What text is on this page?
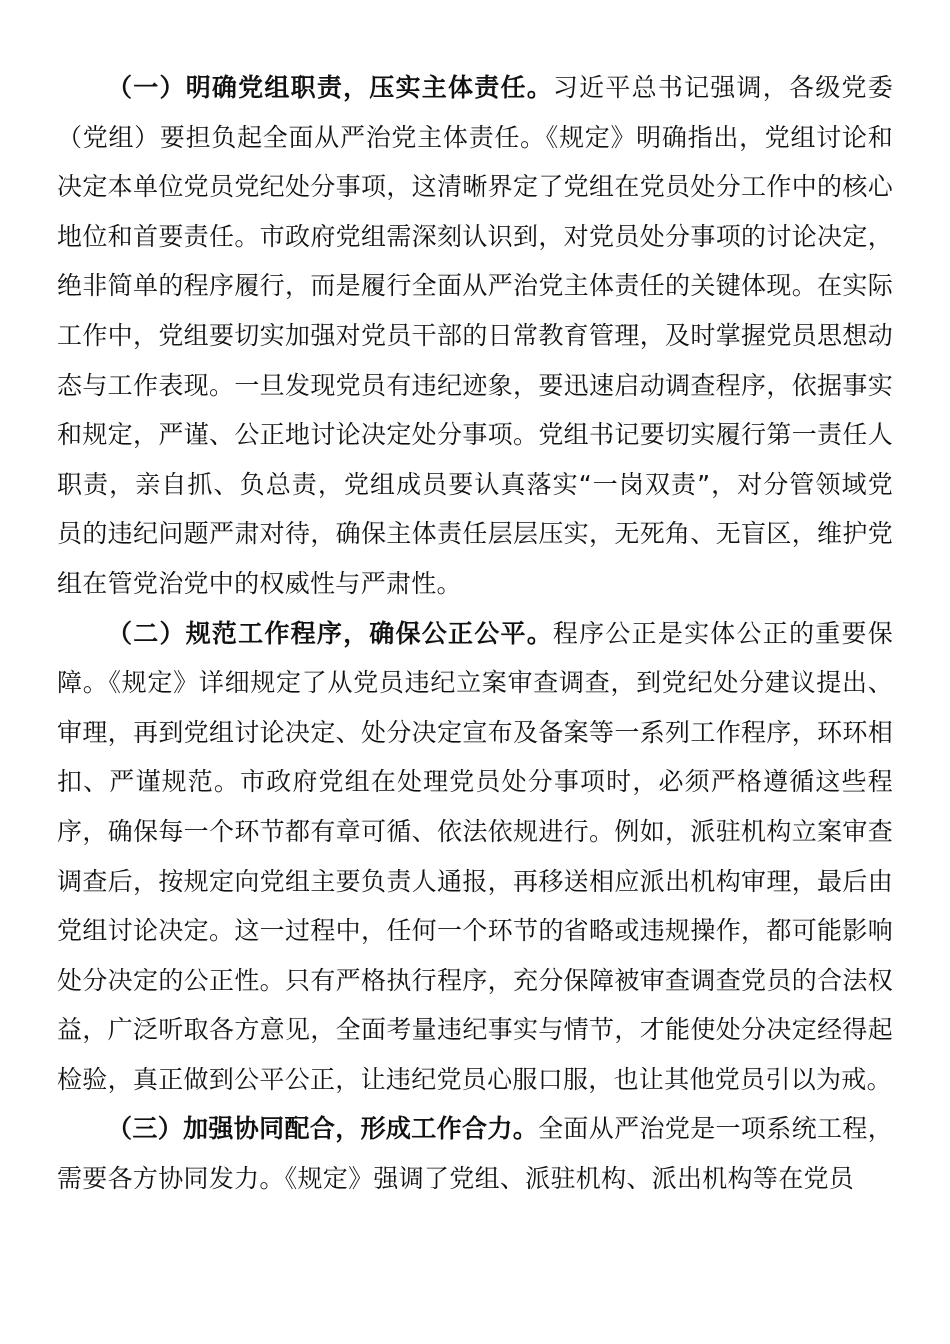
（一）明确党组职责，压实主体责任。习近平总书记强调，各级党委（党组）要担负起全面从严治党主体责任。《规定》明确指出，党组讨论和决定本单位党员党纪处分事项，这清晰界定了党组在党员处分工作中的核心地位和首要责任。市政府党组需深刻认识到，对党员处分事项的讨论决定，绝非简单的程序履行，而是履行全面从严治党主体责任的关键体现。在实际工作中，党组要切实加强对党员干部的日常教育管理，及时掌握党员思想动态与工作表现。一旦发现党员有违纪迹象，要迅速启动调查程序，依据事实和规定，严谨、公正地讨论决定处分事项。党组书记要切实履行第一责任人职责，亲自抓、负总责，党组成员要认真落实“一岗双责”，对分管领域党员的违纪问题严肃对待，确保主体责任层层压实，无死角、无盲区，维护党组在管党治党中的权威性与严肃性。

（二）规范工作程序，确保公正公平。程序公正是实体公正的重要保障。《规定》详细规定了从党员违纪立案审查调查，到党纪处分建议提出、审理，再到党组讨论决定、处分决定宣布及备案等一系列工作程序，环环相扣、严谨规范。市政府党组在处理党员处分事项时，必须严格遵循这些程序，确保每一个环节都有章可循、依法依规进行。例如，派驻机构立案审查调查后，按规定向党组主要负责人通报，再移送相应派出机构审理，最后由党组讨论决定。这一过程中，任何一个环节的省略或违规操作，都可能影响处分决定的公正性。只有严格执行程序，充分保障被审查调查党员的合法权益，广泛听取各方意见，全面考量违纪事实与情节，才能使处分决定经得起检验，真正做到公平公正，让违纪党员心服口服，也让其他党员引以为戒。

（三）加强协同配合，形成工作合力。全面从严治党是一项系统工程，需要各方协同发力。《规定》强调了党组、派驻机构、派出机构等在党员
